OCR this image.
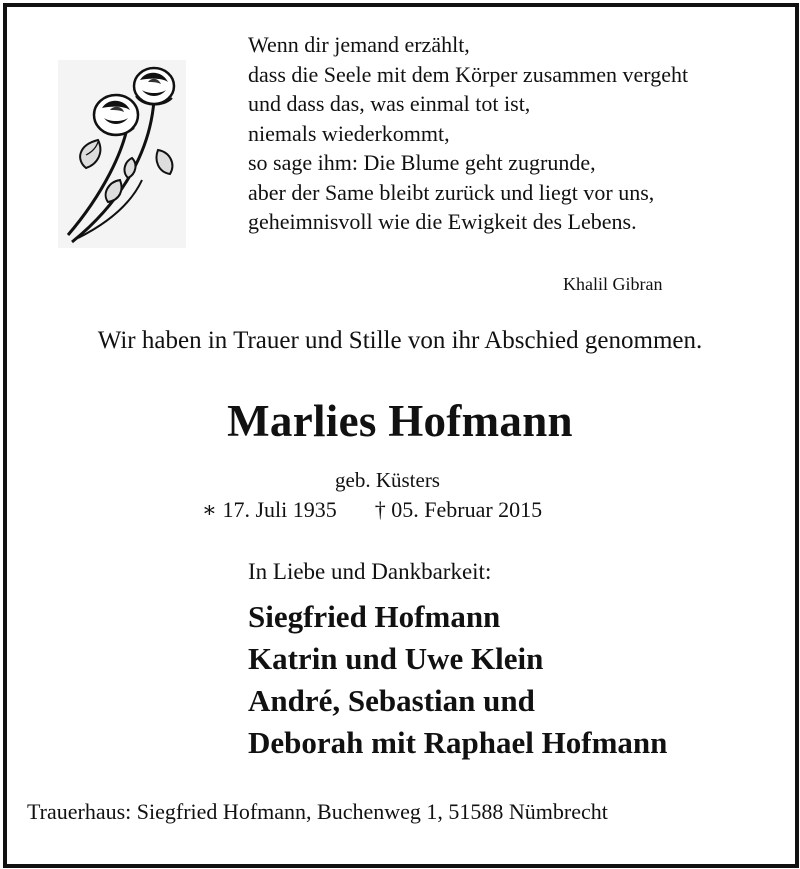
Wenn dir jemand erzählt,
dass die Seele mit dem Körper zusammen vergeht
und dass das, was einmal tot ist,
niemals wiederkommt,
so sage ihm: Die Blume geht zugrunde,
aber der Same bleibt zurück und liegt vor uns,
geheimnisvoll wie die Ewigkeit des Lebens.
Khalil Gibran
Wir haben in Trauer und Stille von ihr Abschied genommen.
Marlies Hofmann
geb. Küsters
∗ 17. Juli 1935 † 05. Februar 2015
In Liebe und Dankbarkeit:
Siegfried Hofmann
Katrin und Uwe Klein
André, Sebastian und
Deborah mit Raphael Hofmann
Trauerhaus: Siegfried Hofmann, Buchenweg 1, 51588 Nümbrecht
